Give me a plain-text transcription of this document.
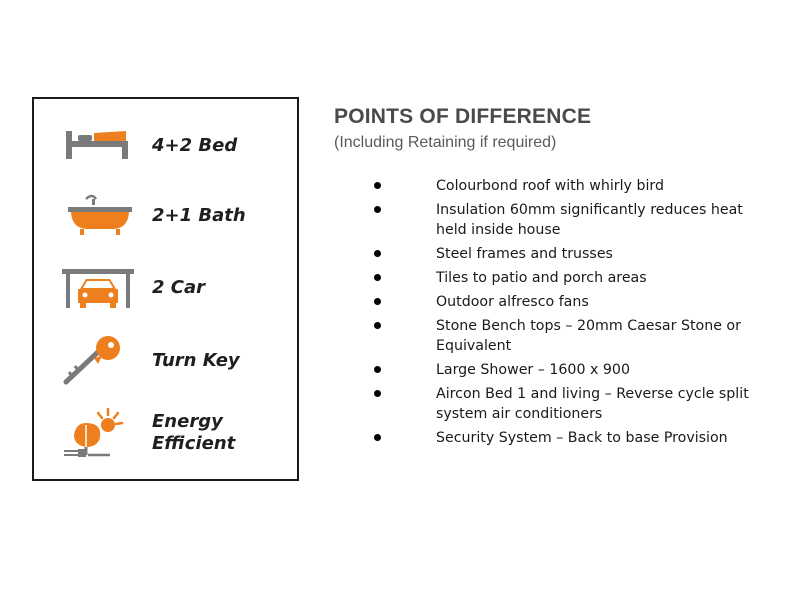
4+2 Bed
2+1 Bath
2 Car
Turn Key
Energy
Efficient
POINTS OF DIFFERENCE
(Including Retaining if required)
Colourbond roof with whirly bird
Insulation 60mm significantly reduces heat held inside house
Steel frames and trusses
Tiles to patio and porch areas
Outdoor alfresco fans
Stone Bench tops – 20mm Caesar Stone or Equivalent
Large Shower – 1600 x 900
Aircon Bed 1 and living – Reverse cycle split system air conditioners
Security System – Back to base Provision
